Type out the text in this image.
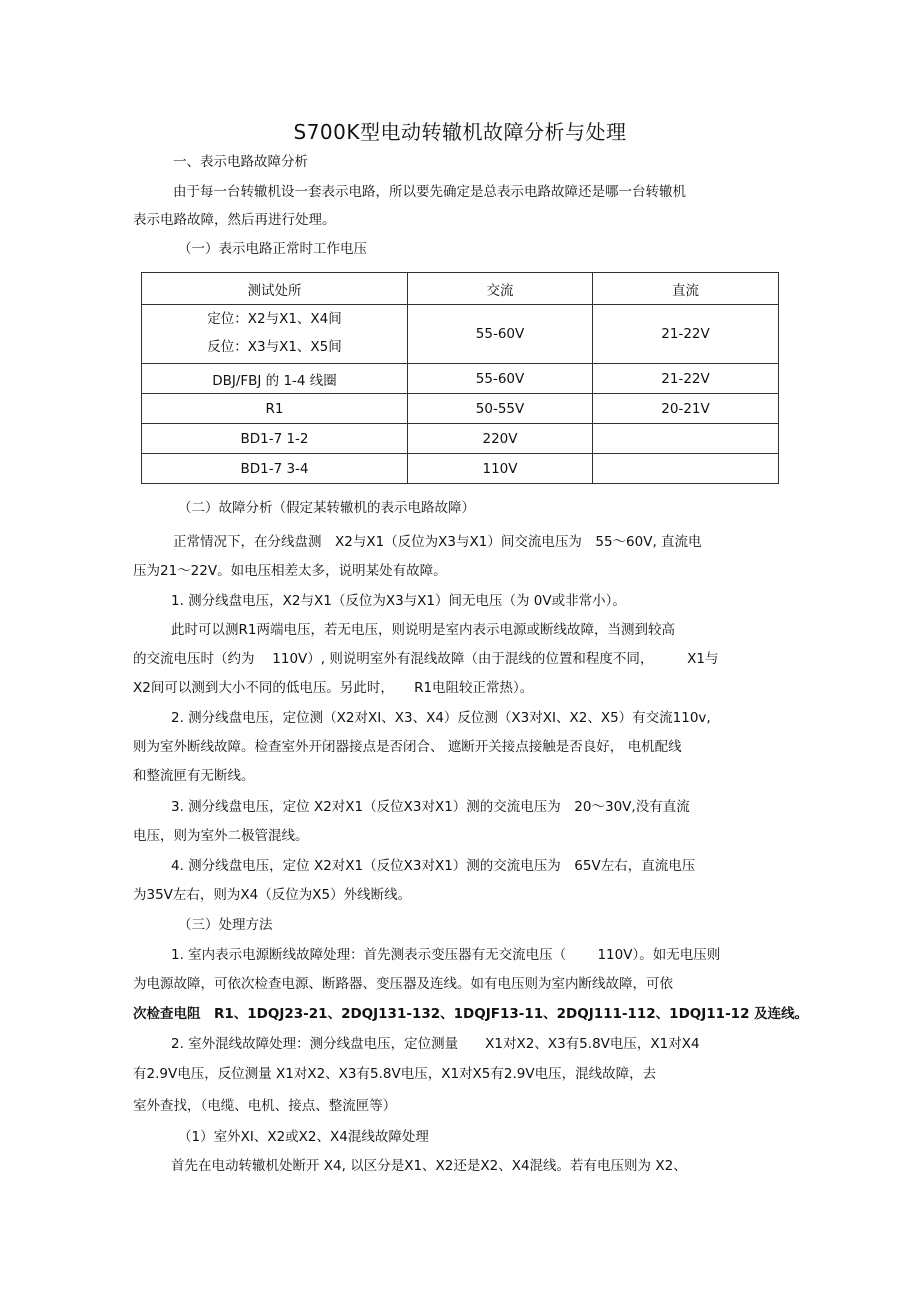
S700K型电动转辙机故障分析与处理
一、表示电路故障分析
由于每一台转辙机设一套表示电路，所以要先确定是总表示电路故障还是哪一台转辙机
表示电路故障，然后再进行处理。
（一）表示电路正常时工作电压
测试处所	交流	直流

定位：X2与X1、X4间
反位：X3与X1、X5间	55-60V	21-22V
DBJ/FBJ 的 1-4 线圈	55-60V	21-22V
R1	50-55V	20-21V
BD1-7 1-2	220V	
BD1-7 3-4	110V	
（二）故障分析（假定某转辙机的表示电路故障）
正常情况下，在分线盘测　X2与X1（反位为X3与X1）间交流电压为　55～60V, 直流电
压为21～22V。如电压相差太多，说明某处有故障。
1. 测分线盘电压，X2与X1（反位为X3与X1）间无电压（为 0V或非常小）。
此时可以测R1两端电压，若无电压，则说明是室内表示电源或断线故障，当测到较高
的交流电压时（约为　 110V）, 则说明室外有混线故障（由于混线的位置和程度不同，　　　X1与
X2间可以测到大小不同的低电压。另此时，　　R1电阻较正常热）。
2. 测分线盘电压，定位测（X2对XI、X3、X4）反位测（X3对XI、X2、X5）有交流110v,
则为室外断线故障。检查室外开闭器接点是否闭合、 遮断开关接点接触是否良好， 电机配线
和整流匣有无断线。
3. 测分线盘电压，定位 X2对X1（反位X3对X1）测的交流电压为　20～30V,没有直流
电压，则为室外二极管混线。
4. 测分线盘电压，定位 X2对X1（反位X3对X1）测的交流电压为　65V左右，直流电压
为35V左右，则为X4（反位为X5）外线断线。
（三）处理方法
1. 室内表示电源断线故障处理：首先测表示变压器有无交流电压（　　 110V）。如无电压则
为电源故障，可依次检查电源、断路器、变压器及连线。如有电压则为室内断线故障，可依
次检查电阻　R1、1DQJ23-21、2DQJ131-132、1DQJF13-11、2DQJ111-112、1DQJ11-12 及连线。
2. 室外混线故障处理：测分线盘电压，定位测量　　X1对X2、X3有5.8V电压，X1对X4
有2.9V电压，反位测量 X1对X2、X3有5.8V电压，X1对X5有2.9V电压，混线故障，去
室外查找，（电缆、电机、接点、整流匣等）
（1）室外XI、X2或X2、X4混线故障处理
首先在电动转辙机处断开 X4, 以区分是X1、X2还是X2、X4混线。若有电压则为 X2、
